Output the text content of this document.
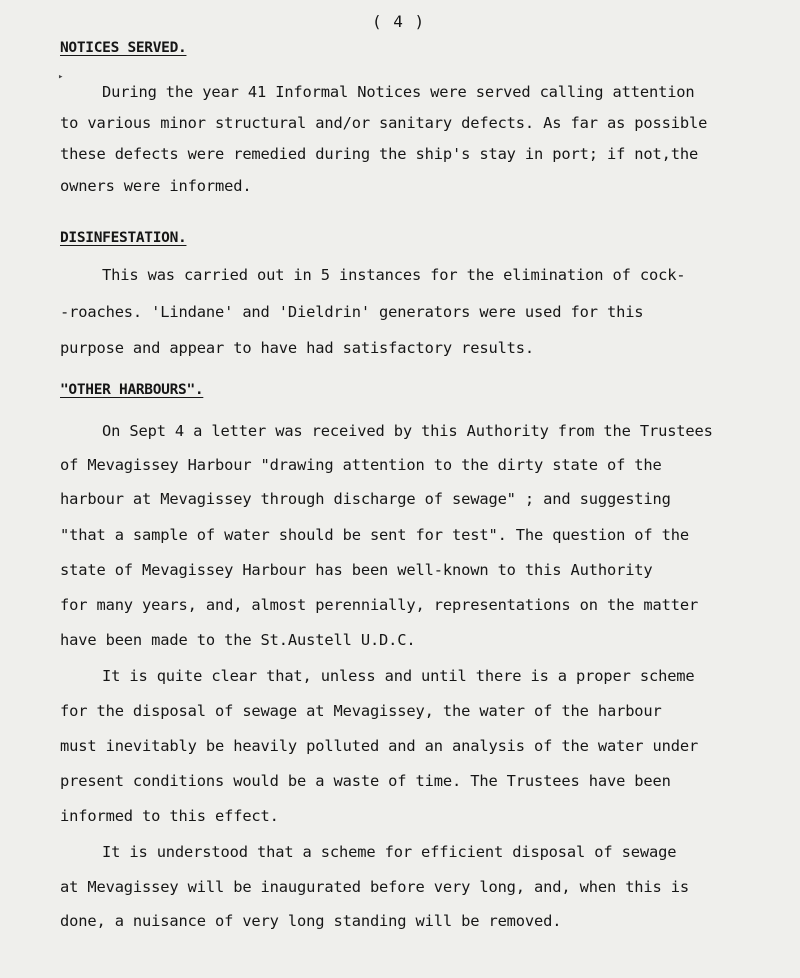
( 4 )
NOTICES SERVED.
▸
During the year 41 Informal Notices were served calling attention
to various minor structural and/or sanitary defects. As far as possible
these defects were remedied during the ship's stay in port; if not,the
owners were informed.
DISINFESTATION.
This was carried out in 5 instances for the elimination of cock-
-roaches. 'Lindane' and 'Dieldrin' generators were used for this
purpose and appear to have had satisfactory results.
"OTHER HARBOURS".
On Sept 4 a letter was received by this Authority from the Trustees
of Mevagissey Harbour "drawing attention to the dirty state of the
harbour at Mevagissey through discharge of sewage" ; and suggesting
"that a sample of water should be sent for test". The question of the
state of Mevagissey Harbour has been well-known to this Authority
for many years, and, almost perennially, representations on the matter
have been made to the St.Austell U.D.C.
It is quite clear that, unless and until there is a proper scheme
for the disposal of sewage at Mevagissey, the water of the harbour
must inevitably be heavily polluted and an analysis of the water under
present conditions would be a waste of time. The Trustees have been
informed to this effect.
It is understood that a scheme for efficient disposal of sewage
at Mevagissey will be inaugurated before very long, and, when this is
done, a nuisance of very long standing will be removed.
